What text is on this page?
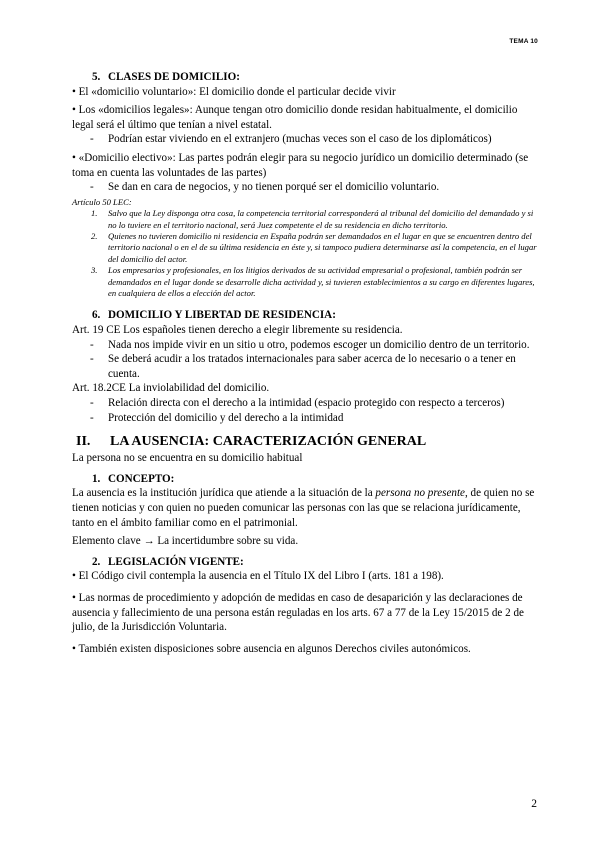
TEMA 10

5. CLASES DE DOMICILIO:

• El «domicilio voluntario»: El domicilio donde el particular decide vivir

• Los «domicilios legales»: Aunque tengan otro domicilio donde residan habitualmente, el domicilio legal será el último que tenían a nivel estatal.

- Podrían estar viviendo en el extranjero (muchas veces son el caso de los diplomáticos)

• «Domicilio electivo»: Las partes podrán elegir para su negocio jurídico un domicilio determinado (se toma en cuenta las voluntades de las partes)

- Se dan en cara de negocios, y no tienen porqué ser el domicilio voluntario.

Artículo 50 LEC:

1. Salvo que la Ley disponga otra cosa, la competencia territorial corresponderá al tribunal del domicilio del demandado y si no lo tuviere en el territorio nacional, será Juez competente el de su residencia en dicho territorio.
2. Quienes no tuvieren domicilio ni residencia en España podrán ser demandados en el lugar en que se encuentren dentro del territorio nacional o en el de su última residencia en éste y, si tampoco pudiera determinarse así la competencia, en el lugar del domicilio del actor.
3. Los empresarios y profesionales, en los litigios derivados de su actividad empresarial o profesional, también podrán ser demandados en el lugar donde se desarrolle dicha actividad y, si tuvieren establecimientos a su cargo en diferentes lugares, en cualquiera de ellos a elección del actor.

6. DOMICILIO Y LIBERTAD DE RESIDENCIA:

Art. 19 CE Los españoles tienen derecho a elegir libremente su residencia.

- Nada nos impide vivir en un sitio u otro, podemos escoger un domicilio dentro de un territorio.

- Se deberá acudir a los tratados internacionales para saber acerca de lo necesario o a tener en cuenta.

Art. 18.2CE La inviolabilidad del domicilio.

- Relación directa con el derecho a la intimidad (espacio protegido con respecto a terceros)

- Protección del domicilio y del derecho a la intimidad

II. LA AUSENCIA: CARACTERIZACIÓN GENERAL

La persona no se encuentra en su domicilio habitual

1. CONCEPTO:

La ausencia es la institución jurídica que atiende a la situación de la persona no presente, de quien no se tienen noticias y con quien no pueden comunicar las personas con las que se relaciona jurídicamente, tanto en el ámbito familiar como en el patrimonial.

Elemento clave → La incertidumbre sobre su vida.

2. LEGISLACIÓN VIGENTE:

• El Código civil contempla la ausencia en el Título IX del Libro I (arts. 181 a 198).

• Las normas de procedimiento y adopción de medidas en caso de desaparición y las declaraciones de ausencia y fallecimiento de una persona están reguladas en los arts. 67 a 77 de la Ley 15/2015 de 2 de julio, de la Jurisdicción Voluntaria.

• También existen disposiciones sobre ausencia en algunos Derechos civiles autonómicos.

2
